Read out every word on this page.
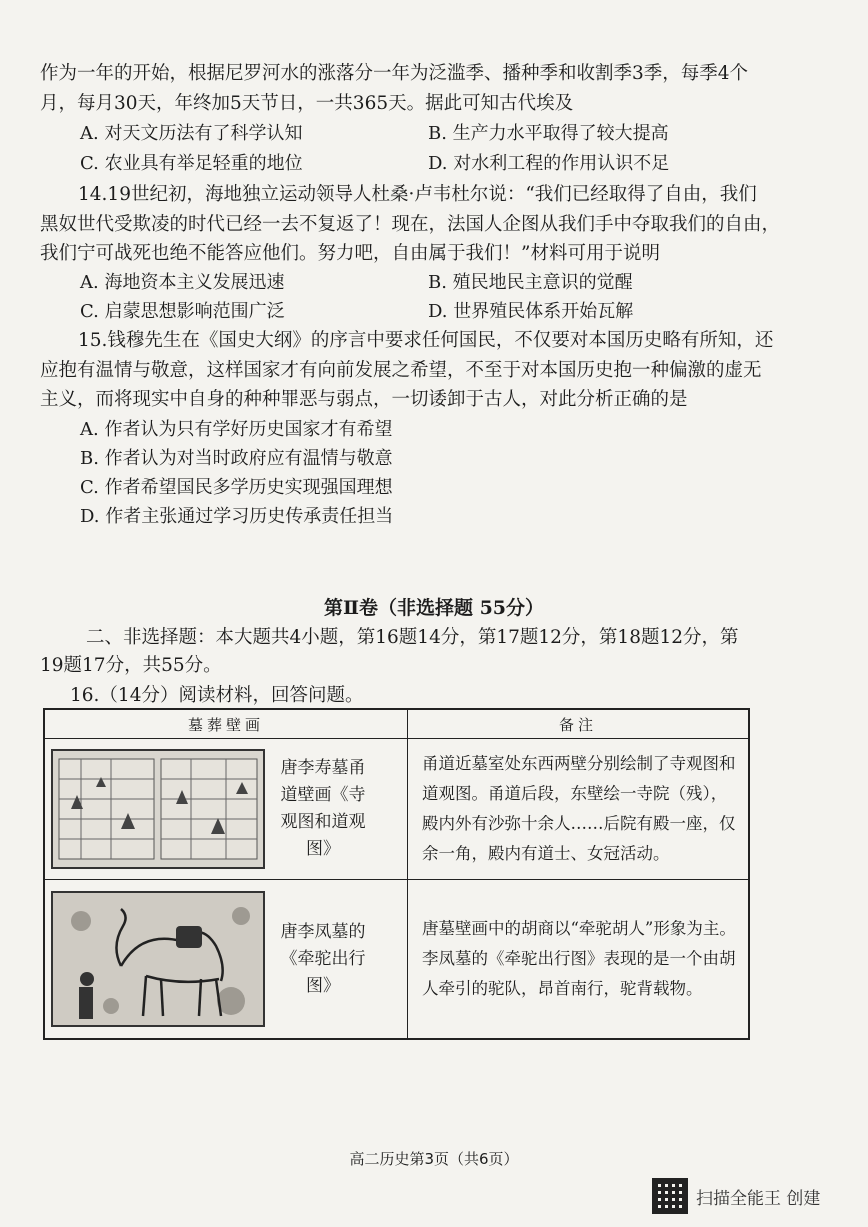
作为一年的开始，根据尼罗河水的涨落分一年为泛滥季、播种季和收割季3季，每季4个
月，每月30天，年终加5天节日，一共365天。据此可知古代埃及
A. 对天文历法有了科学认知	B. 生产力水平取得了较大提高
C. 农业具有举足轻重的地位	D. 对水利工程的作用认识不足
14.19世纪初，海地独立运动领导人杜桑·卢韦杜尔说：“我们已经取得了自由，我们
黑奴世代受欺凌的时代已经一去不复返了！现在，法国人企图从我们手中夺取我们的自由，
我们宁可战死也绝不能答应他们。努力吧，自由属于我们！”材料可用于说明
A. 海地资本主义发展迅速	B. 殖民地民主意识的觉醒
C. 启蒙思想影响范围广泛	D. 世界殖民体系开始瓦解
15.钱穆先生在《国史大纲》的序言中要求任何国民，不仅要对本国历史略有所知，还
应抱有温情与敬意，这样国家才有向前发展之希望，不至于对本国历史抱一种偏激的虚无
主义，而将现实中自身的种种罪恶与弱点，一切诿卸于古人，对此分析正确的是
A. 作者认为只有学好历史国家才有希望
B. 作者认为对当时政府应有温情与敬意
C. 作者希望国民多学历史实现强国理想
D. 作者主张通过学习历史传承责任担当
第Ⅱ卷（非选择题 55分）
二、非选择题：本大题共4小题，第16题14分，第17题12分，第18题12分，第
19题17分，共55分。
16.（14分）阅读材料，回答问题。
墓葬壁画	备注

唐李寿墓甬道壁画《寺观图和道观图》	甬道近墓室处东西两壁分别绘制了寺观图和道观图。甬道后段，东壁绘一寺院（残），殿内外有沙弥十余人……后院有殿一座，仅余一角，殿内有道士、女冠活动。

唐李凤墓的《牵驼出行图》	唐墓壁画中的胡商以“牵驼胡人”形象为主。李凤墓的《牵驼出行图》表现的是一个由胡人牵引的驼队，昂首南行，驼背载物。
高二历史第3页（共6页）
扫描全能王 创建
